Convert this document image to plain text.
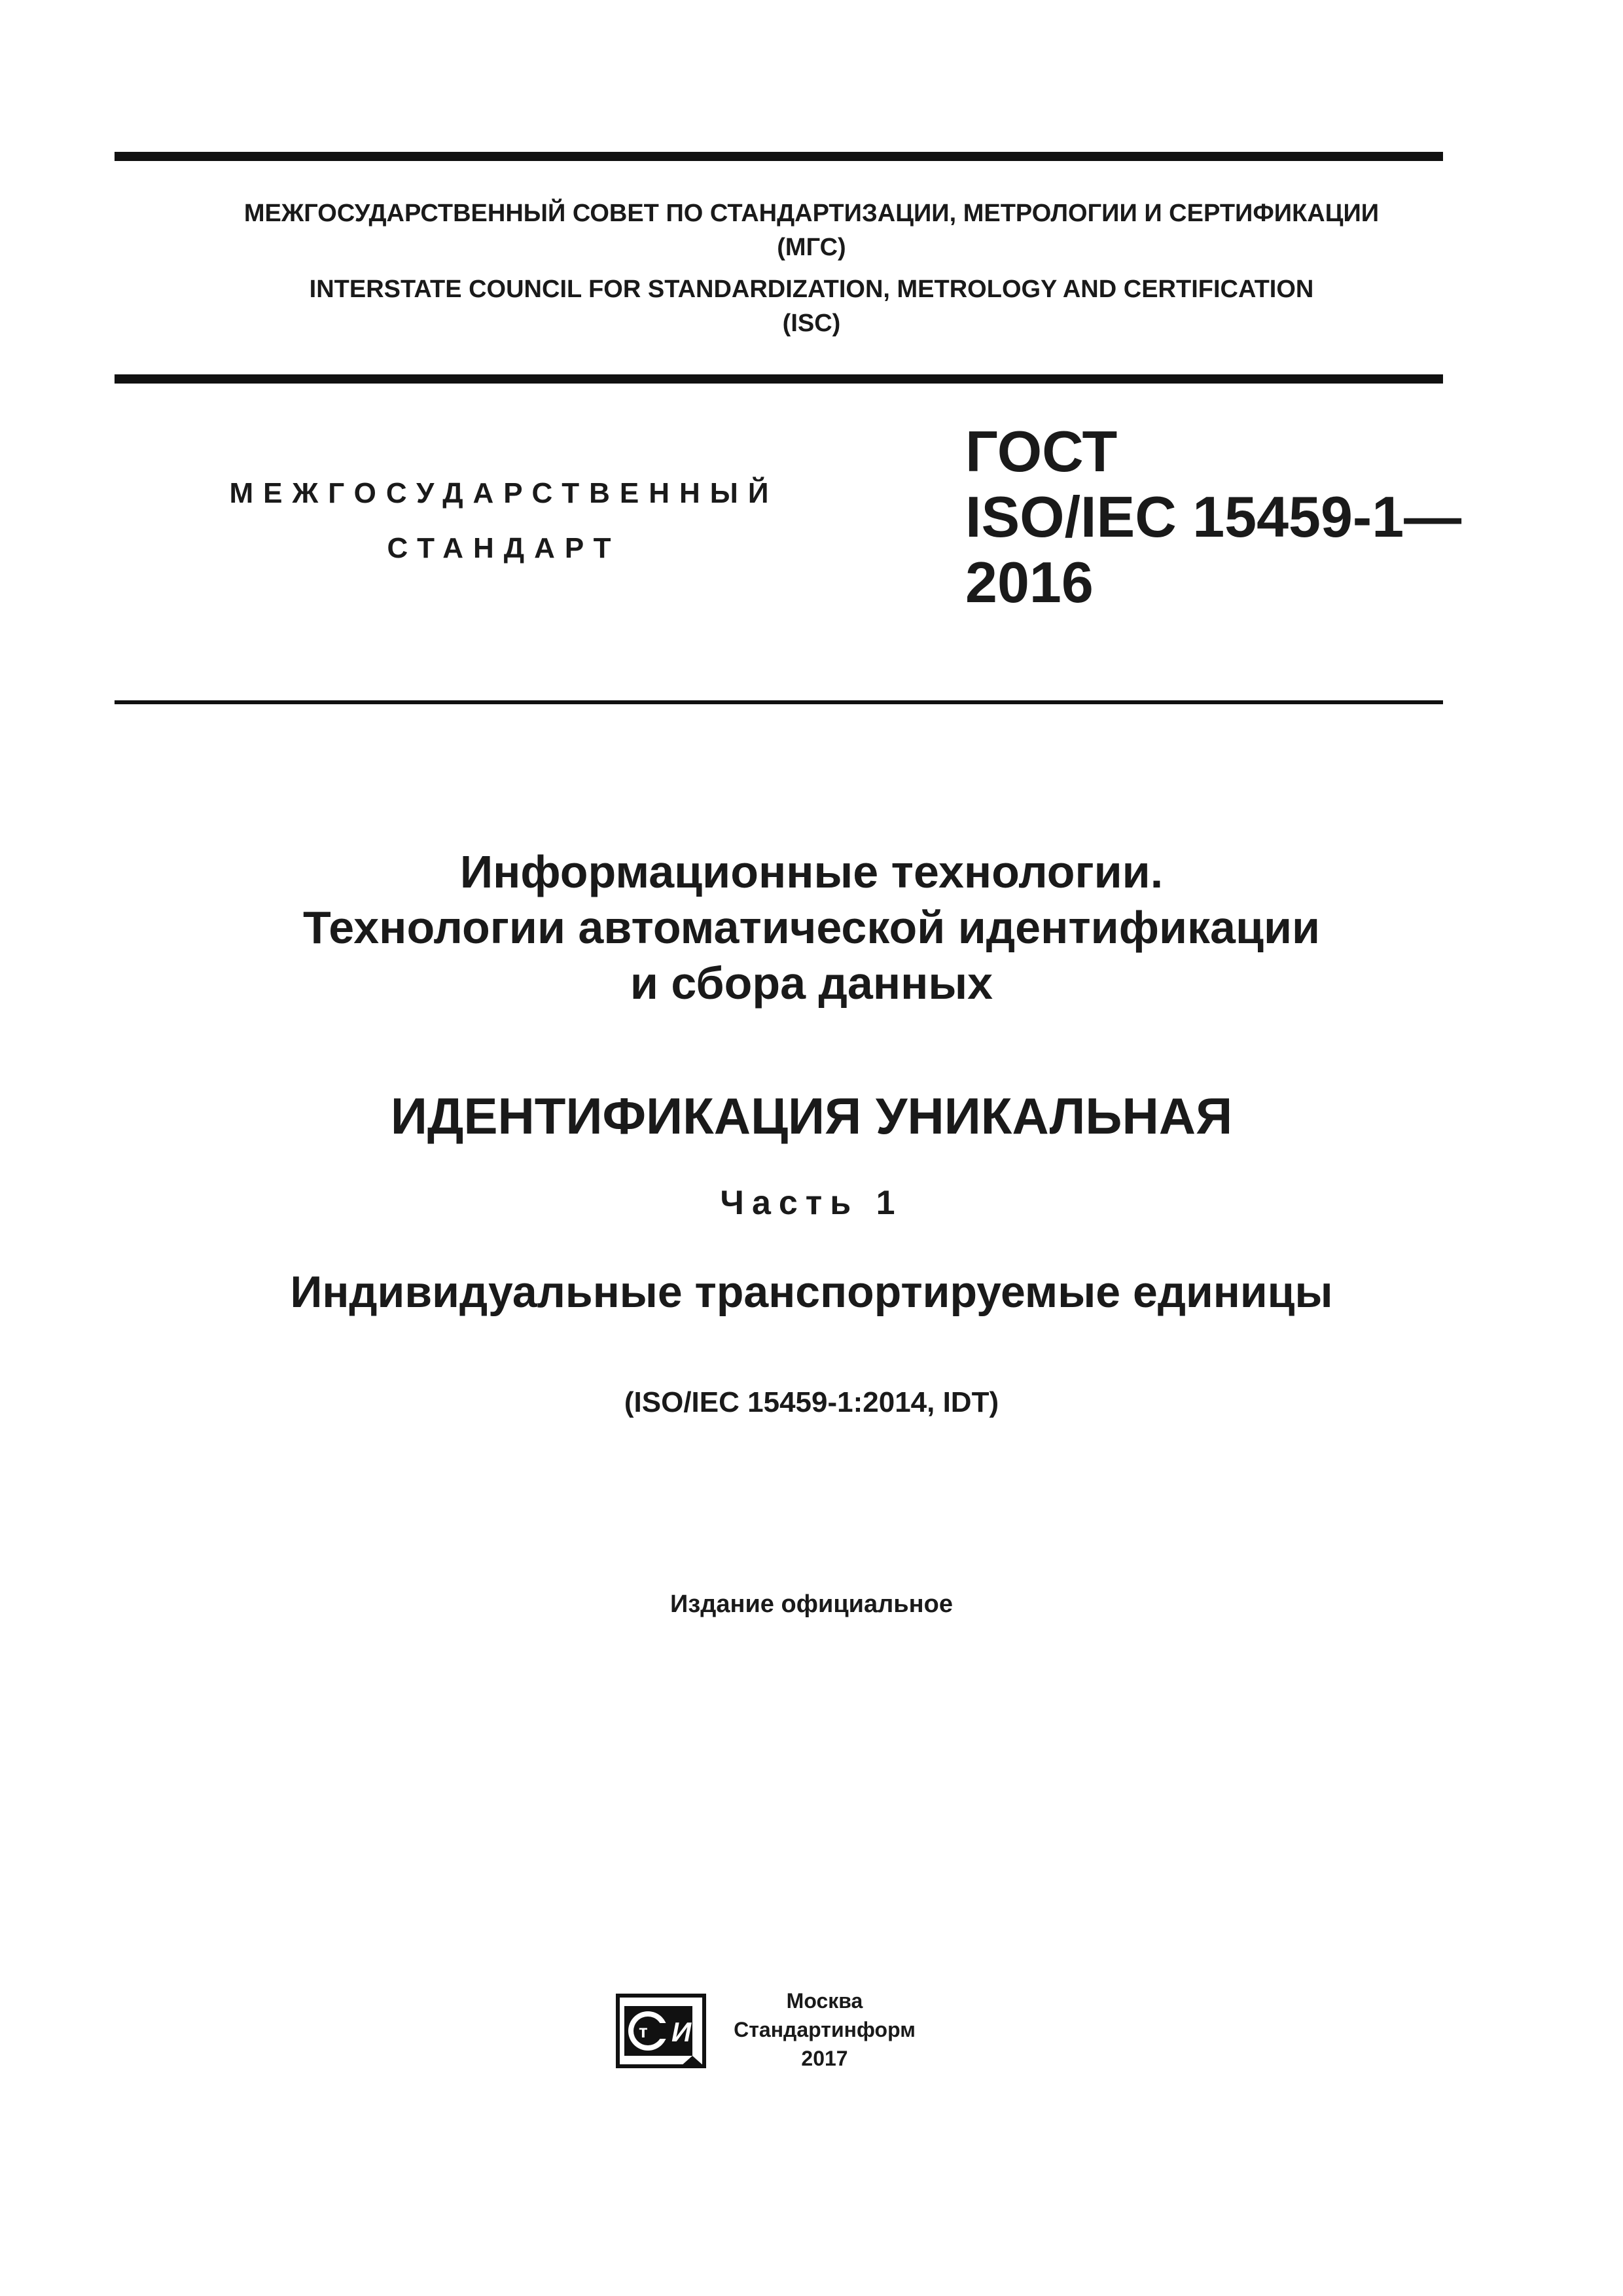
МЕЖГОСУДАРСТВЕННЫЙ СОВЕТ ПО СТАНДАРТИЗАЦИИ, МЕТРОЛОГИИ И СЕРТИФИКАЦИИ

(МГС)

INTERSTATE COUNCIL FOR STANDARDIZATION, METROLOGY AND CERTIFICATION

(ISC)

МЕЖГОСУДАРСТВЕННЫЙ
СТАНДАРТ
ГОСТ
ISO/IEC 15459-1—
2016

Информационные технологии.

Технологии автоматической идентификации

и сбора данных

ИДЕНТИФИКАЦИЯ УНИКАЛЬНАЯ

Часть 1

Индивидуальные транспортируемые единицы

(ISO/IEC 15459-1:2014, IDT)

Издание официальное

И
т
Москва
Стандартинформ
2017
